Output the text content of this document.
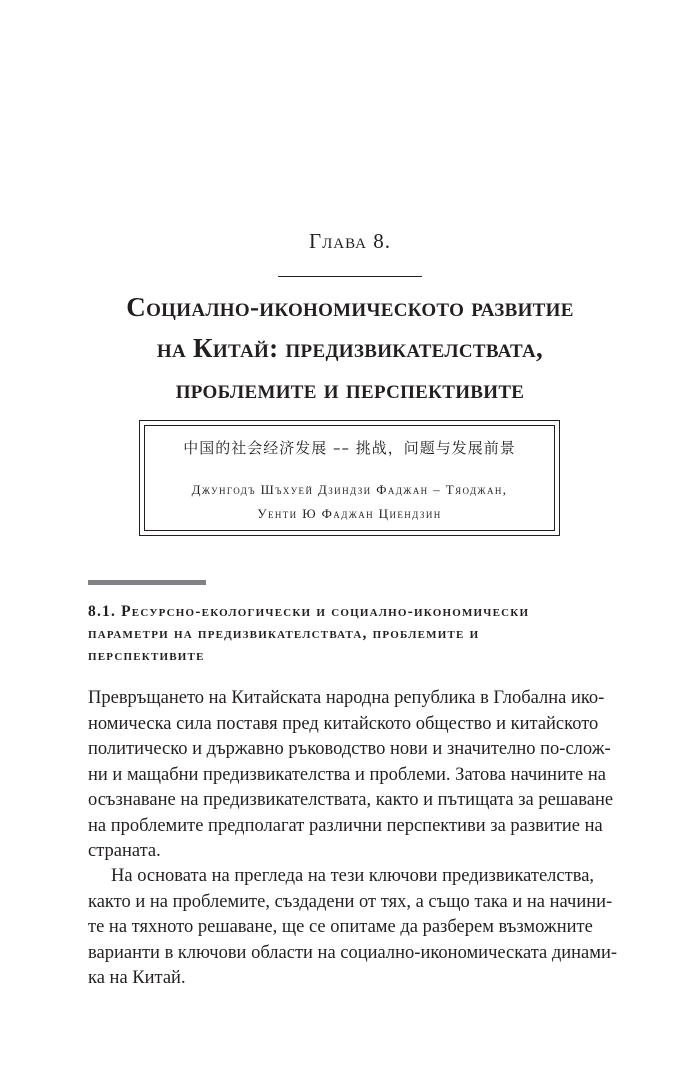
Глава 8.
Социално-икономическото развитие
на Китай: предизвикателствата,
проблемите и перспективите
中国的社会经济发展 –– 挑战，问题与发展前景
Джунгодъ Шъхуей Дзиндзи Фаджан – Тяоджан,
Уенти Ю Фаджан Циендзин
8.1. Ресурсно-екологически и социално-икономически
параметри на предизвикателствата, проблемите и
перспективите
Превръщането на Китайската народна република в Глобална ико-
номическа сила поставя пред китайското общество и китайското
политическо и държавно ръководство нови и значително по-слож-
ни и мащабни предизвикателства и проблеми. Затова начините на
осъзнаване на предизвикателствата, както и пътищата за решаване
на проблемите предполагат различни перспективи за развитие на
страната.
На основата на прегледа на тези ключови предизвикателства,
както и на проблемите, създадени от тях, а също така и на начини-
те на тяхното решаване, ще се опитаме да разберем възможните
варианти в ключови области на социално-икономическата динами-
ка на Китай.
